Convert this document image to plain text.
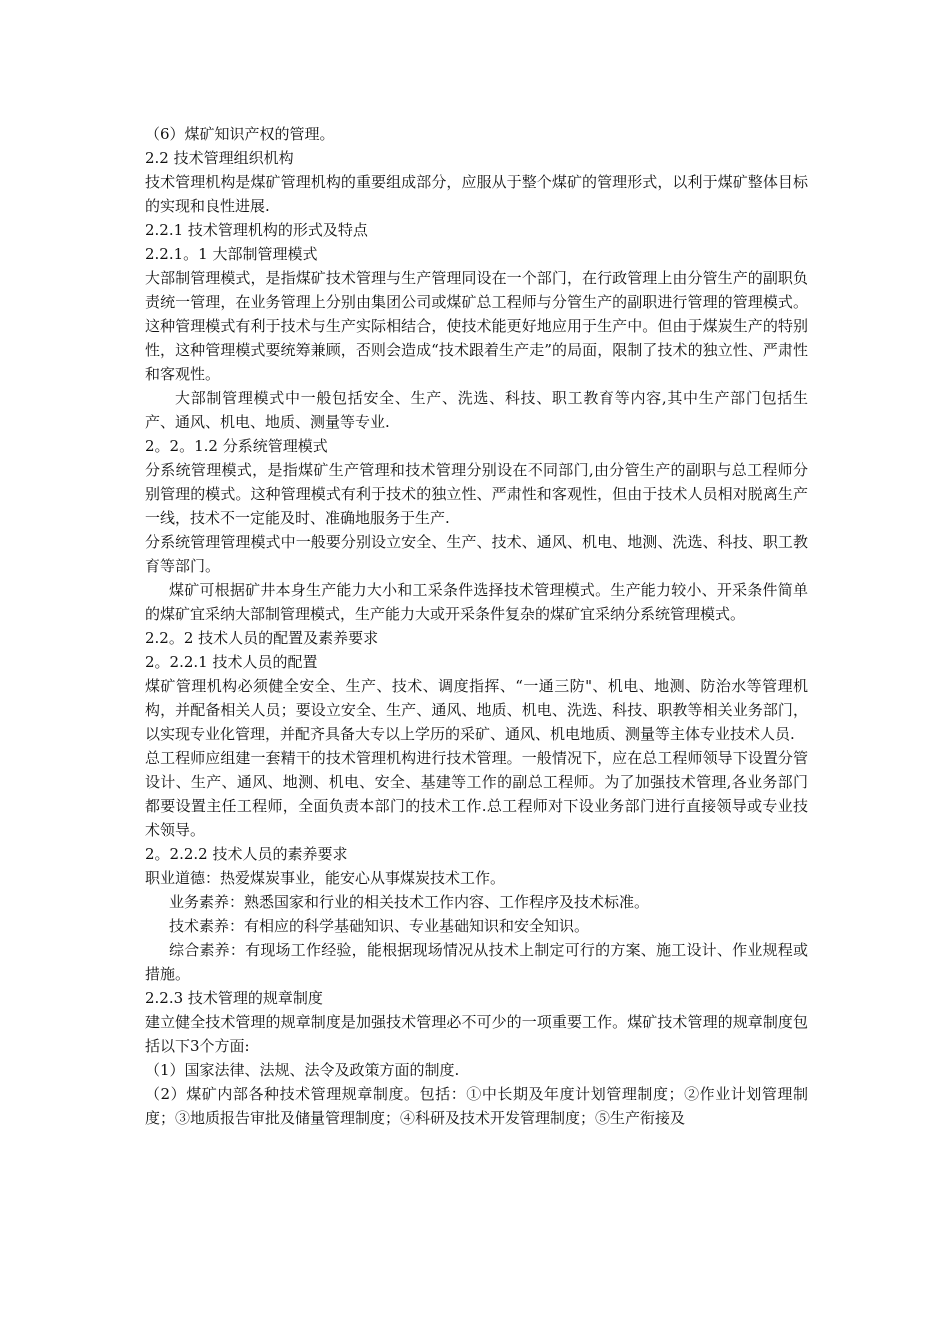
（6）煤矿知识产权的管理。

2.2 技术管理组织机构

技术管理机构是煤矿管理机构的重要组成部分，应服从于整个煤矿的管理形式，以利于煤矿整体目标的实现和良性进展.

2.2.1 技术管理机构的形式及特点

2.2.1。1 大部制管理模式

大部制管理模式，是指煤矿技术管理与生产管理同设在一个部门，在行政管理上由分管生产的副职负责统一管理，在业务管理上分别由集团公司或煤矿总工程师与分管生产的副职进行管理的管理模式。这种管理模式有利于技术与生产实际相结合，使技术能更好地应用于生产中。但由于煤炭生产的特别性，这种管理模式要统筹兼顾，否则会造成“技术跟着生产走”的局面，限制了技术的独立性、严肃性和客观性。

大部制管理模式中一般包括安全、生产、洗选、科技、职工教育等内容,其中生产部门包括生产、通风、机电、地质、测量等专业.

2。2。1.2 分系统管理模式

分系统管理模式，是指煤矿生产管理和技术管理分别设在不同部门,由分管生产的副职与总工程师分别管理的模式。这种管理模式有利于技术的独立性、严肃性和客观性，但由于技术人员相对脱离生产一线，技术不一定能及时、准确地服务于生产.

分系统管理管理模式中一般要分别设立安全、生产、技术、通风、机电、地测、洗选、科技、职工教育等部门。

煤矿可根据矿井本身生产能力大小和工采条件选择技术管理模式。生产能力较小、开采条件简单的煤矿宜采纳大部制管理模式，生产能力大或开采条件复杂的煤矿宜采纳分系统管理模式。

2.2。2 技术人员的配置及素养要求

2。2.2.1 技术人员的配置

煤矿管理机构必须健全安全、生产、技术、调度指挥、“一通三防"、机电、地测、防治水等管理机构，并配备相关人员；要设立安全、生产、通风、地质、机电、洗选、科技、职教等相关业务部门，以实现专业化管理，并配齐具备大专以上学历的采矿、通风、机电地质、测量等主体专业技术人员.

总工程师应组建一套精干的技术管理机构进行技术管理。一般情况下，应在总工程师领导下设置分管设计、生产、通风、地测、机电、安全、基建等工作的副总工程师。为了加强技术管理,各业务部门都要设置主任工程师，全面负责本部门的技术工作.总工程师对下设业务部门进行直接领导或专业技术领导。

2。2.2.2 技术人员的素养要求

职业道德：热爱煤炭事业，能安心从事煤炭技术工作。

业务素养：熟悉国家和行业的相关技术工作内容、工作程序及技术标准。

技术素养：有相应的科学基础知识、专业基础知识和安全知识。

综合素养：有现场工作经验，能根据现场情况从技术上制定可行的方案、施工设计、作业规程或措施。

2.2.3 技术管理的规章制度

建立健全技术管理的规章制度是加强技术管理必不可少的一项重要工作。煤矿技术管理的规章制度包括以下3个方面:

（1）国家法律、法规、法令及政策方面的制度.

（2）煤矿内部各种技术管理规章制度。包括：①中长期及年度计划管理制度；②作业计划管理制度；③地质报告审批及储量管理制度；④科研及技术开发管理制度；⑤生产衔接及
